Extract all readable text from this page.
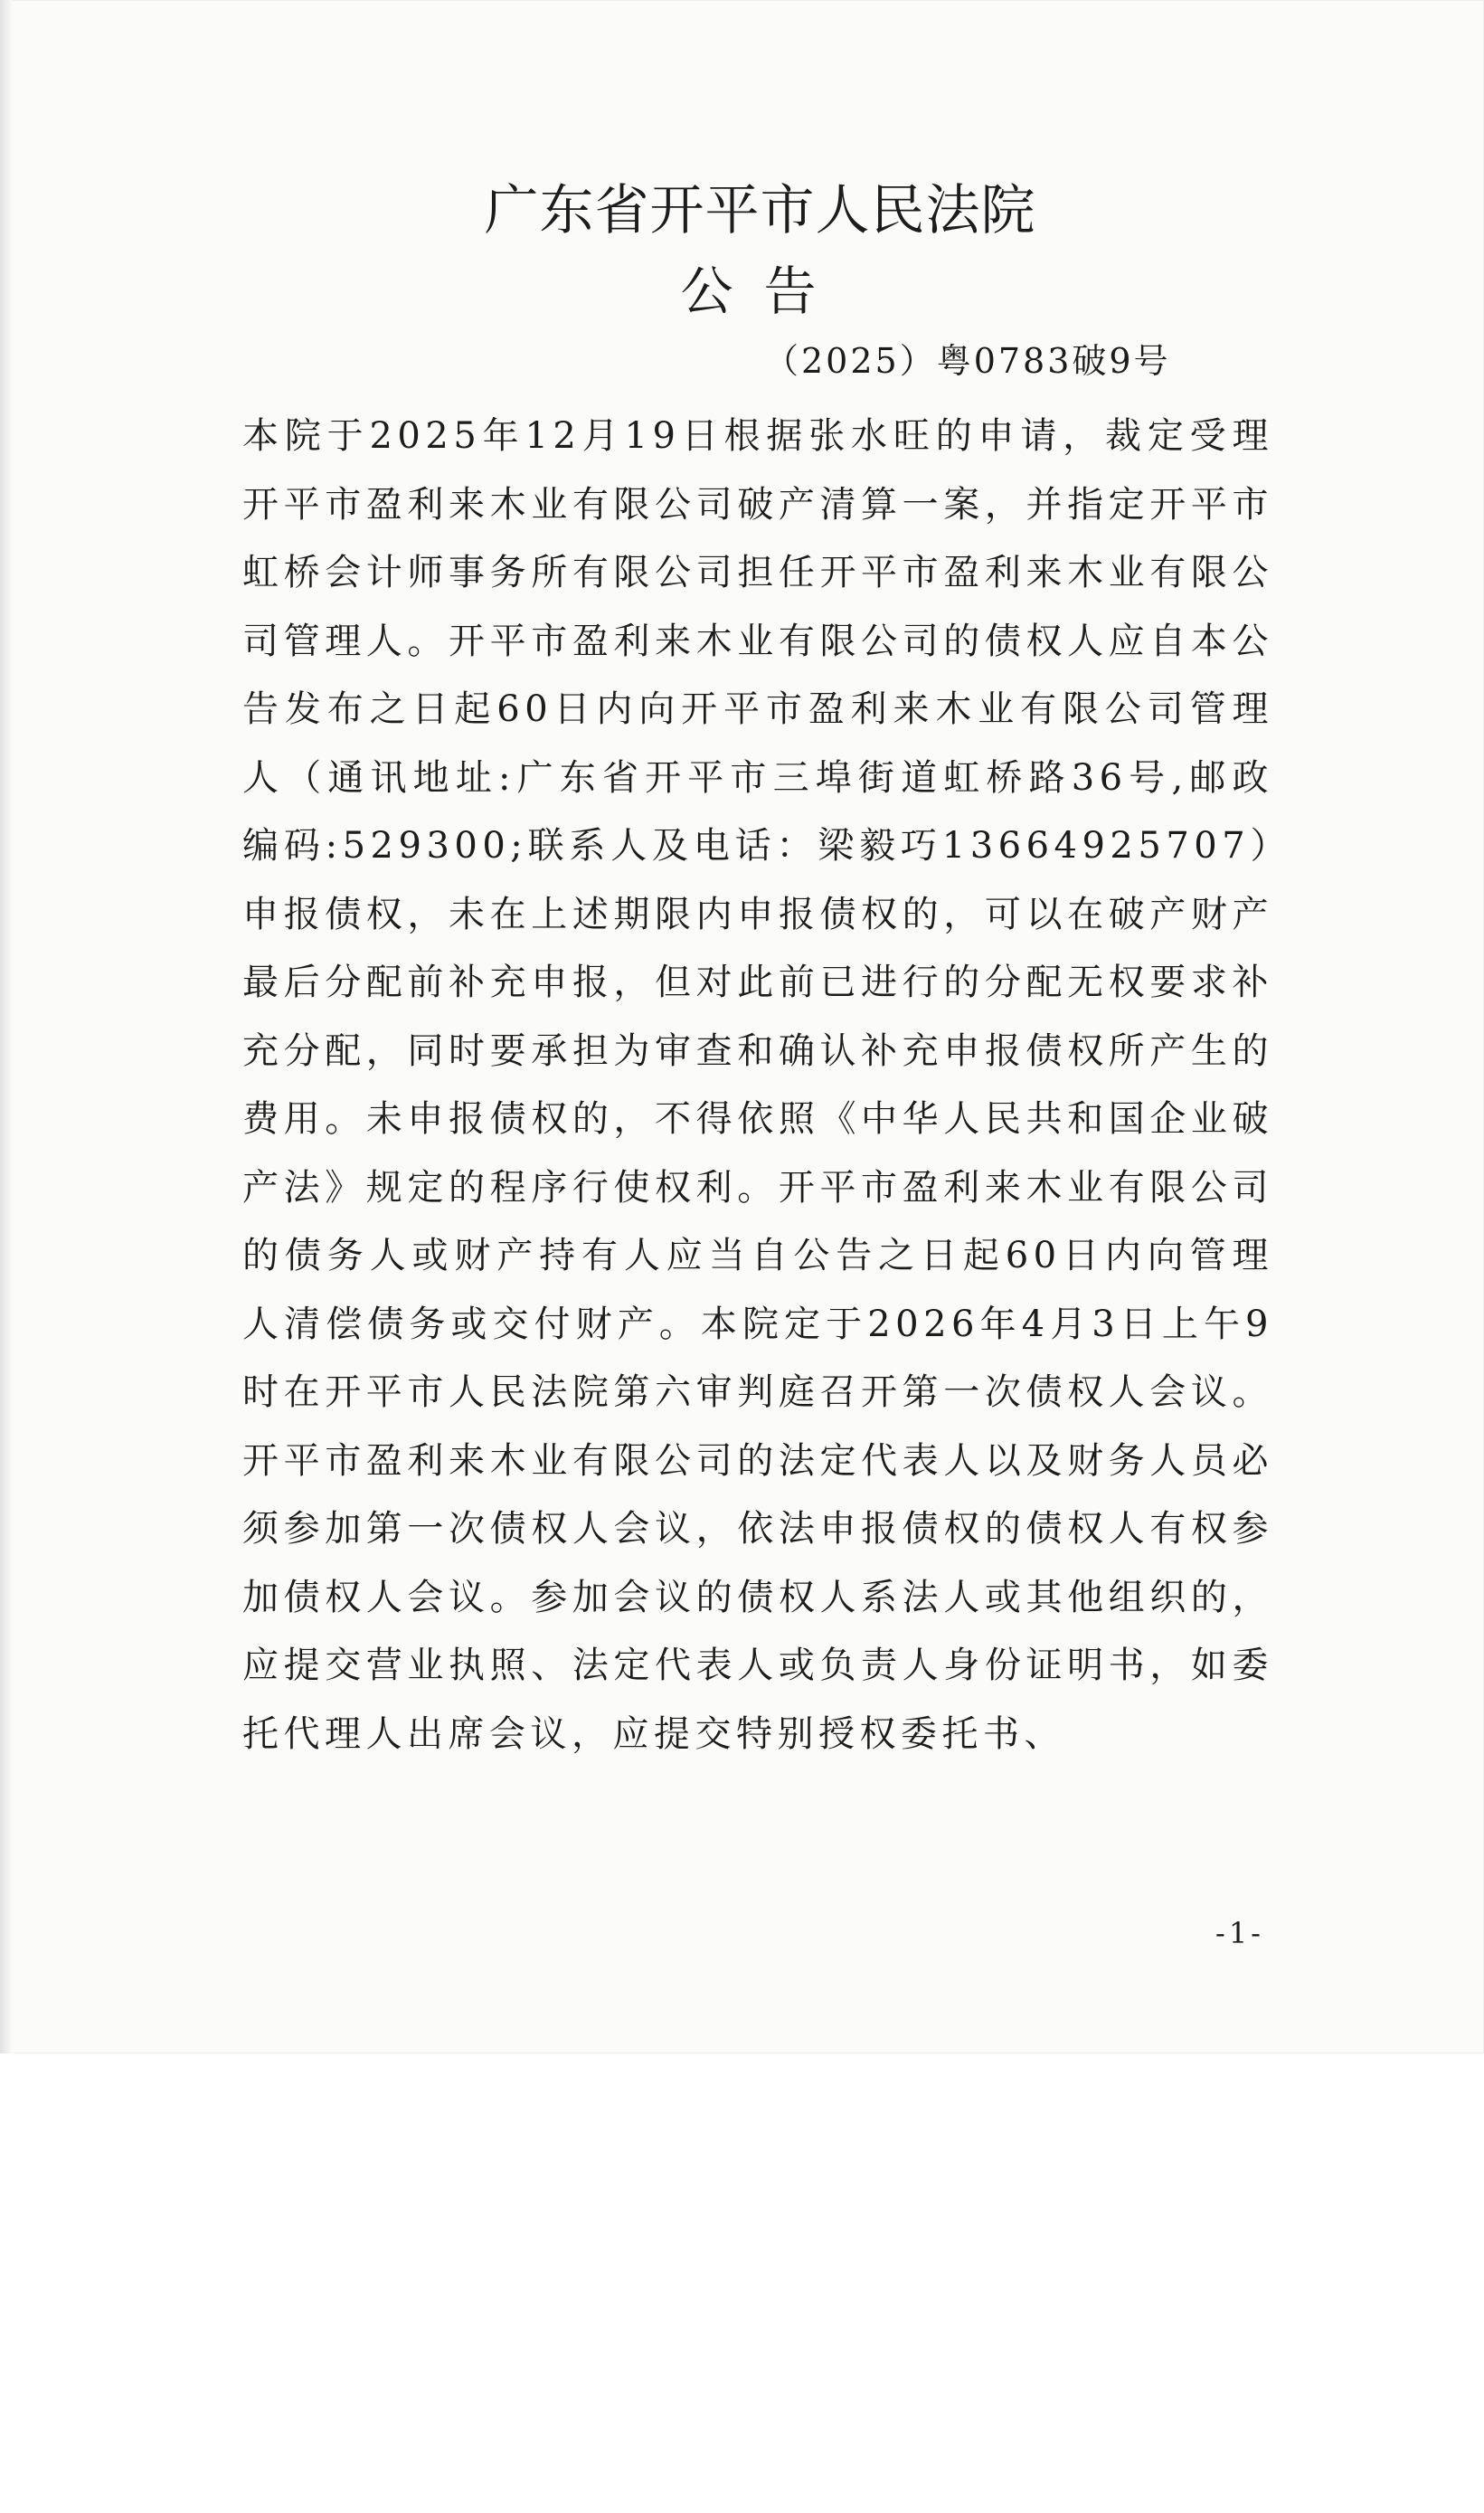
广东省开平市人民法院
公告
（2025）粤0783破9号

本院于2025年12月19日根据张水旺的申请，裁定受理开平市盈利来木业有限公司破产清算一案，并指定开平市虹桥会计师事务所有限公司担任开平市盈利来木业有限公司管理人。开平市盈利来木业有限公司的债权人应自本公告发布之日起60日内向开平市盈利来木业有限公司管理人（通讯地址:广东省开平市三埠街道虹桥路36号,邮政编码:529300;联系人及电话：梁毅巧13664925707）申报债权，未在上述期限内申报债权的，可以在破产财产最后分配前补充申报，但对此前已进行的分配无权要求补充分配，同时要承担为审查和确认补充申报债权所产生的费用。未申报债权的，不得依照《中华人民共和国企业破产法》规定的程序行使权利。开平市盈利来木业有限公司的债务人或财产持有人应当自公告之日起60日内向管理人清偿债务或交付财产。本院定于2026年4月3日上午9时在开平市人民法院第六审判庭召开第一次债权人会议。开平市盈利来木业有限公司的法定代表人以及财务人员必须参加第一次债权人会议，依法申报债权的债权人有权参加债权人会议。参加会议的债权人系法人或其他组织的，应提交营业执照、法定代表人或负责人身份证明书，如委托代理人出席会议，应提交特别授权委托书、

-1-
